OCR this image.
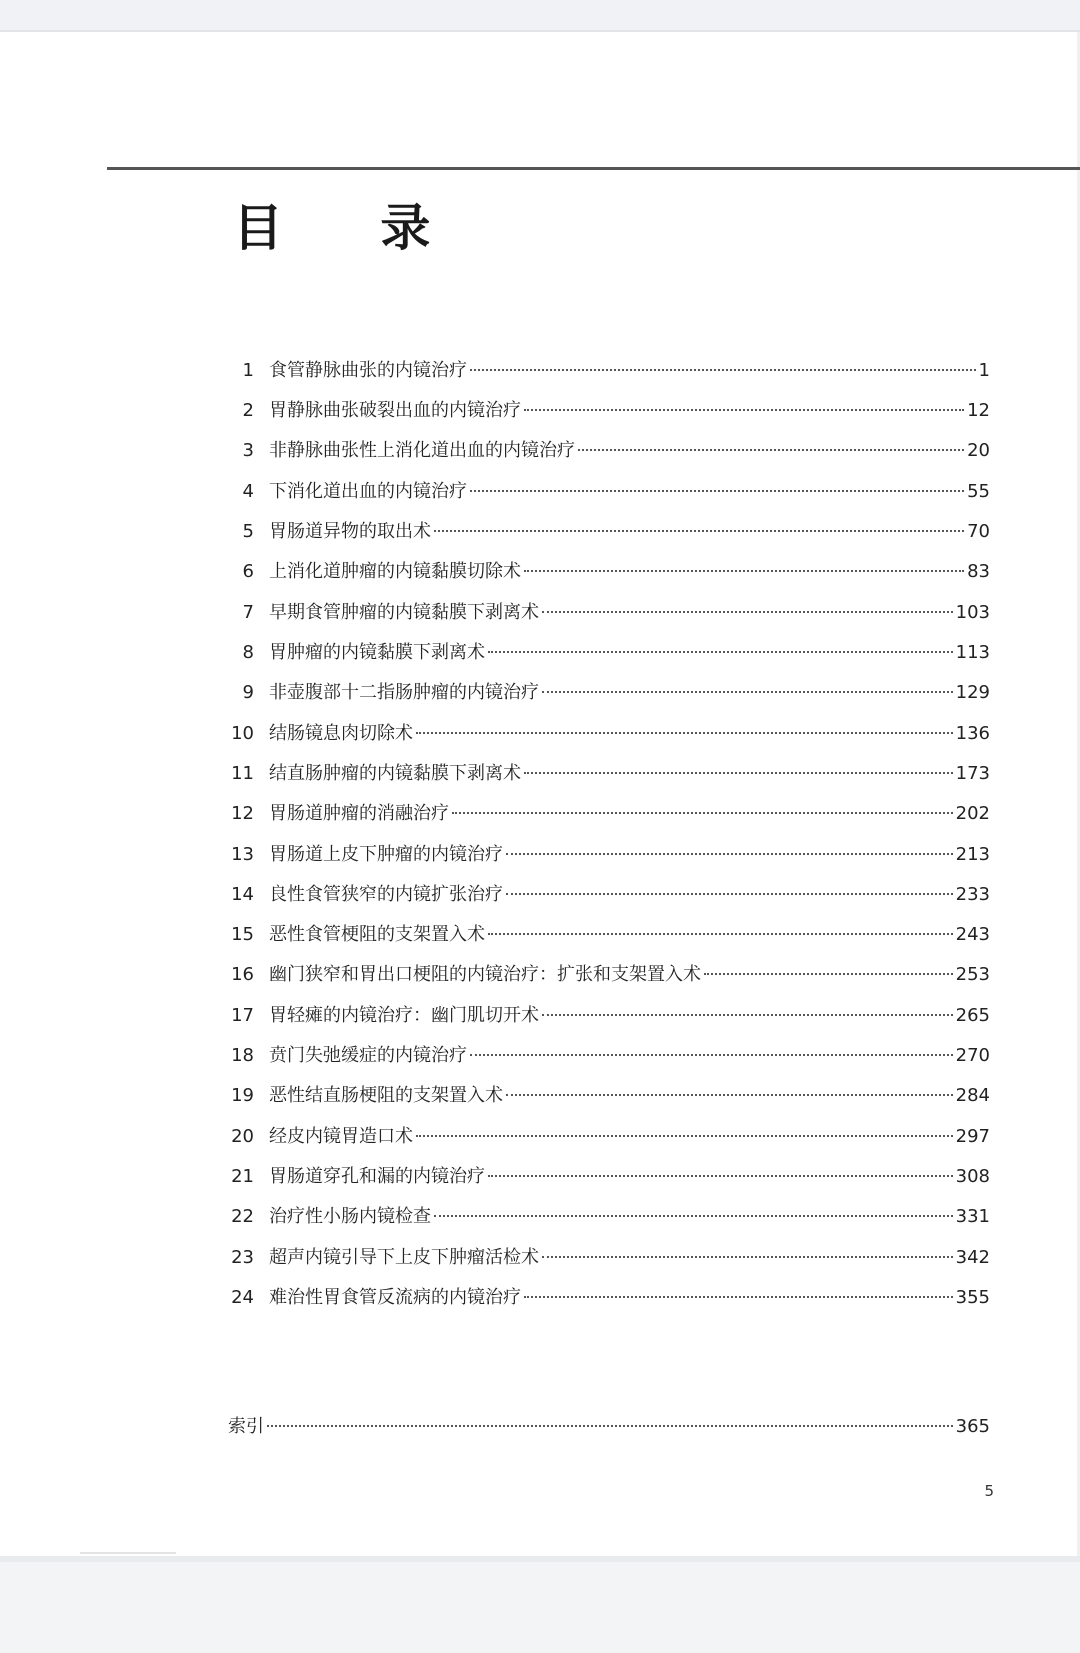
目 录
1 食管静脉曲张的内镜治疗	1
2 胃静脉曲张破裂出血的内镜治疗	12
3 非静脉曲张性上消化道出血的内镜治疗	20
4 下消化道出血的内镜治疗	55
5 胃肠道异物的取出术	70
6 上消化道肿瘤的内镜黏膜切除术	83
7 早期食管肿瘤的内镜黏膜下剥离术	103
8 胃肿瘤的内镜黏膜下剥离术	113
9 非壶腹部十二指肠肿瘤的内镜治疗	129
10 结肠镜息肉切除术	136
11 结直肠肿瘤的内镜黏膜下剥离术	173
12 胃肠道肿瘤的消融治疗	202
13 胃肠道上皮下肿瘤的内镜治疗	213
14 良性食管狭窄的内镜扩张治疗	233
15 恶性食管梗阻的支架置入术	243
16 幽门狭窄和胃出口梗阻的内镜治疗：扩张和支架置入术	253
17 胃轻瘫的内镜治疗：幽门肌切开术	265
18 贲门失弛缓症的内镜治疗	270
19 恶性结直肠梗阻的支架置入术	284
20 经皮内镜胃造口术	297
21 胃肠道穿孔和漏的内镜治疗	308
22 治疗性小肠内镜检查	331
23 超声内镜引导下上皮下肿瘤活检术	342
24 难治性胃食管反流病的内镜治疗	355
索引	365
5
